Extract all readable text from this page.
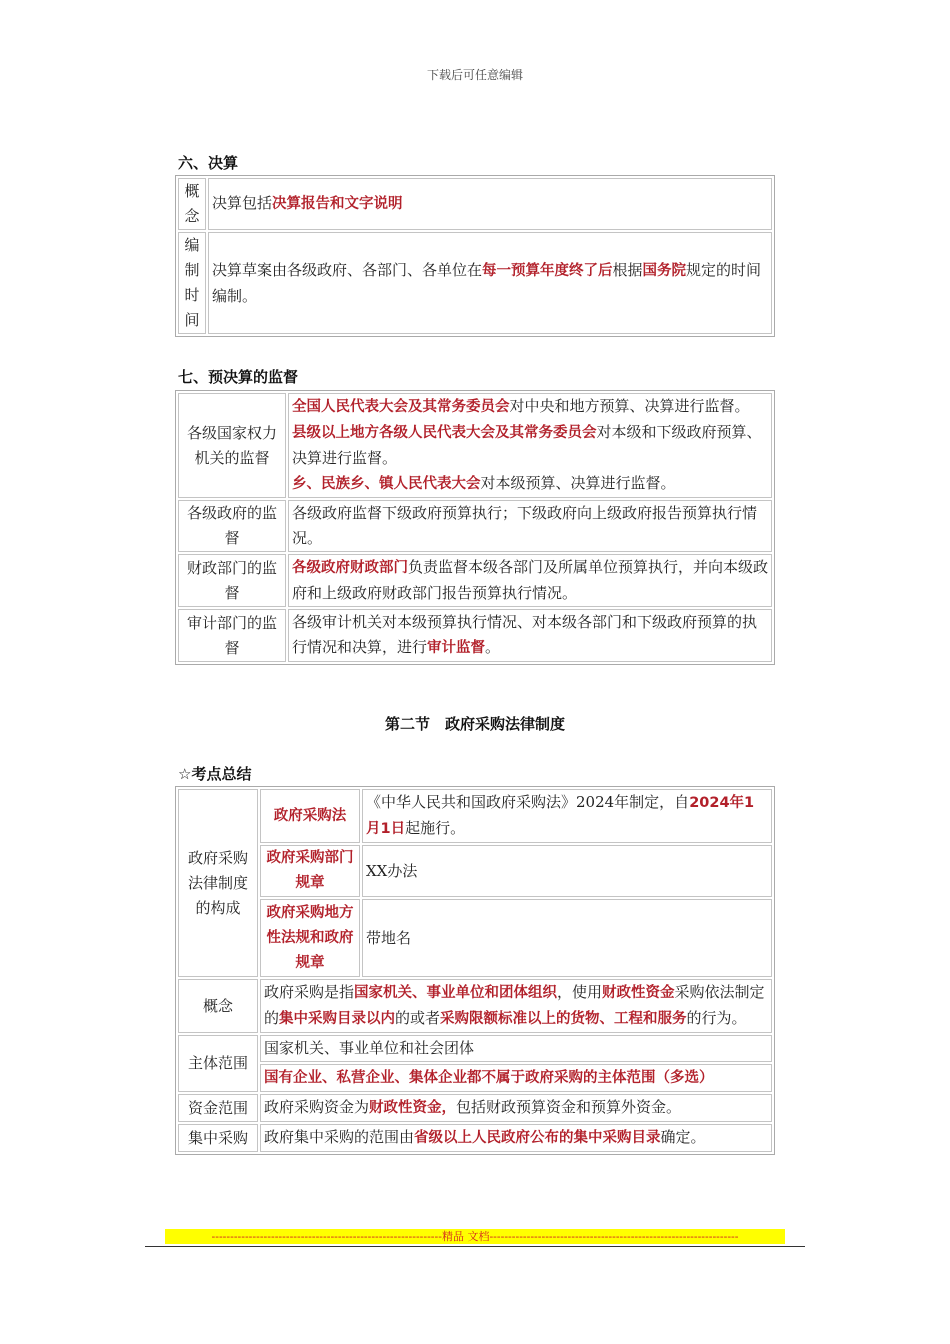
下载后可任意编辑
六、决算
概念	决算包括决算报告和文字说明
编制时间	决算草案由各级政府、各部门、各单位在每一预算年度终了后根据国务院规定的时间编制。
七、预决算的监督
各级国家权力机关的监督	全国人民代表大会及其常务委员会对中央和地方预算、决算进行监督。
县级以上地方各级人民代表大会及其常务委员会对本级和下级政府预算、决算进行监督。
乡、民族乡、镇人民代表大会对本级预算、决算进行监督。

各级政府的监督	各级政府监督下级政府预算执行；下级政府向上级政府报告预算执行情况。
财政部门的监督	各级政府财政部门负责监督本级各部门及所属单位预算执行，并向本级政府和上级政府财政部门报告预算执行情况。
审计部门的监督	各级审计机关对本级预算执行情况、对本级各部门和下级政府预算的执行情况和决算，进行审计监督。
第二节　政府采购法律制度
☆考点总结
政府采购法律制度的构成	政府采购法	《中华人民共和国政府采购法》2024年制定，自2024年1月1日起施行。
	政府采购部门规章	XX办法
	政府采购地方性法规和政府规章	带地名
概念	政府采购是指国家机关、事业单位和团体组织，使用财政性资金采购依法制定的集中采购目录以内的或者采购限额标准以上的货物、工程和服务的行为。	
主体范围	国家机关、事业单位和社会团体	
	国有企业、私营企业、集体企业都不属于政府采购的主体范围（多选）	
资金范围	政府采购资金为财政性资金，包括财政预算资金和预算外资金。	
集中采购	政府集中采购的范围由省级以上人民政府公布的集中采购目录确定。	
--------------------------------------------------------------精品 文档-------------------------------------------------------------------
